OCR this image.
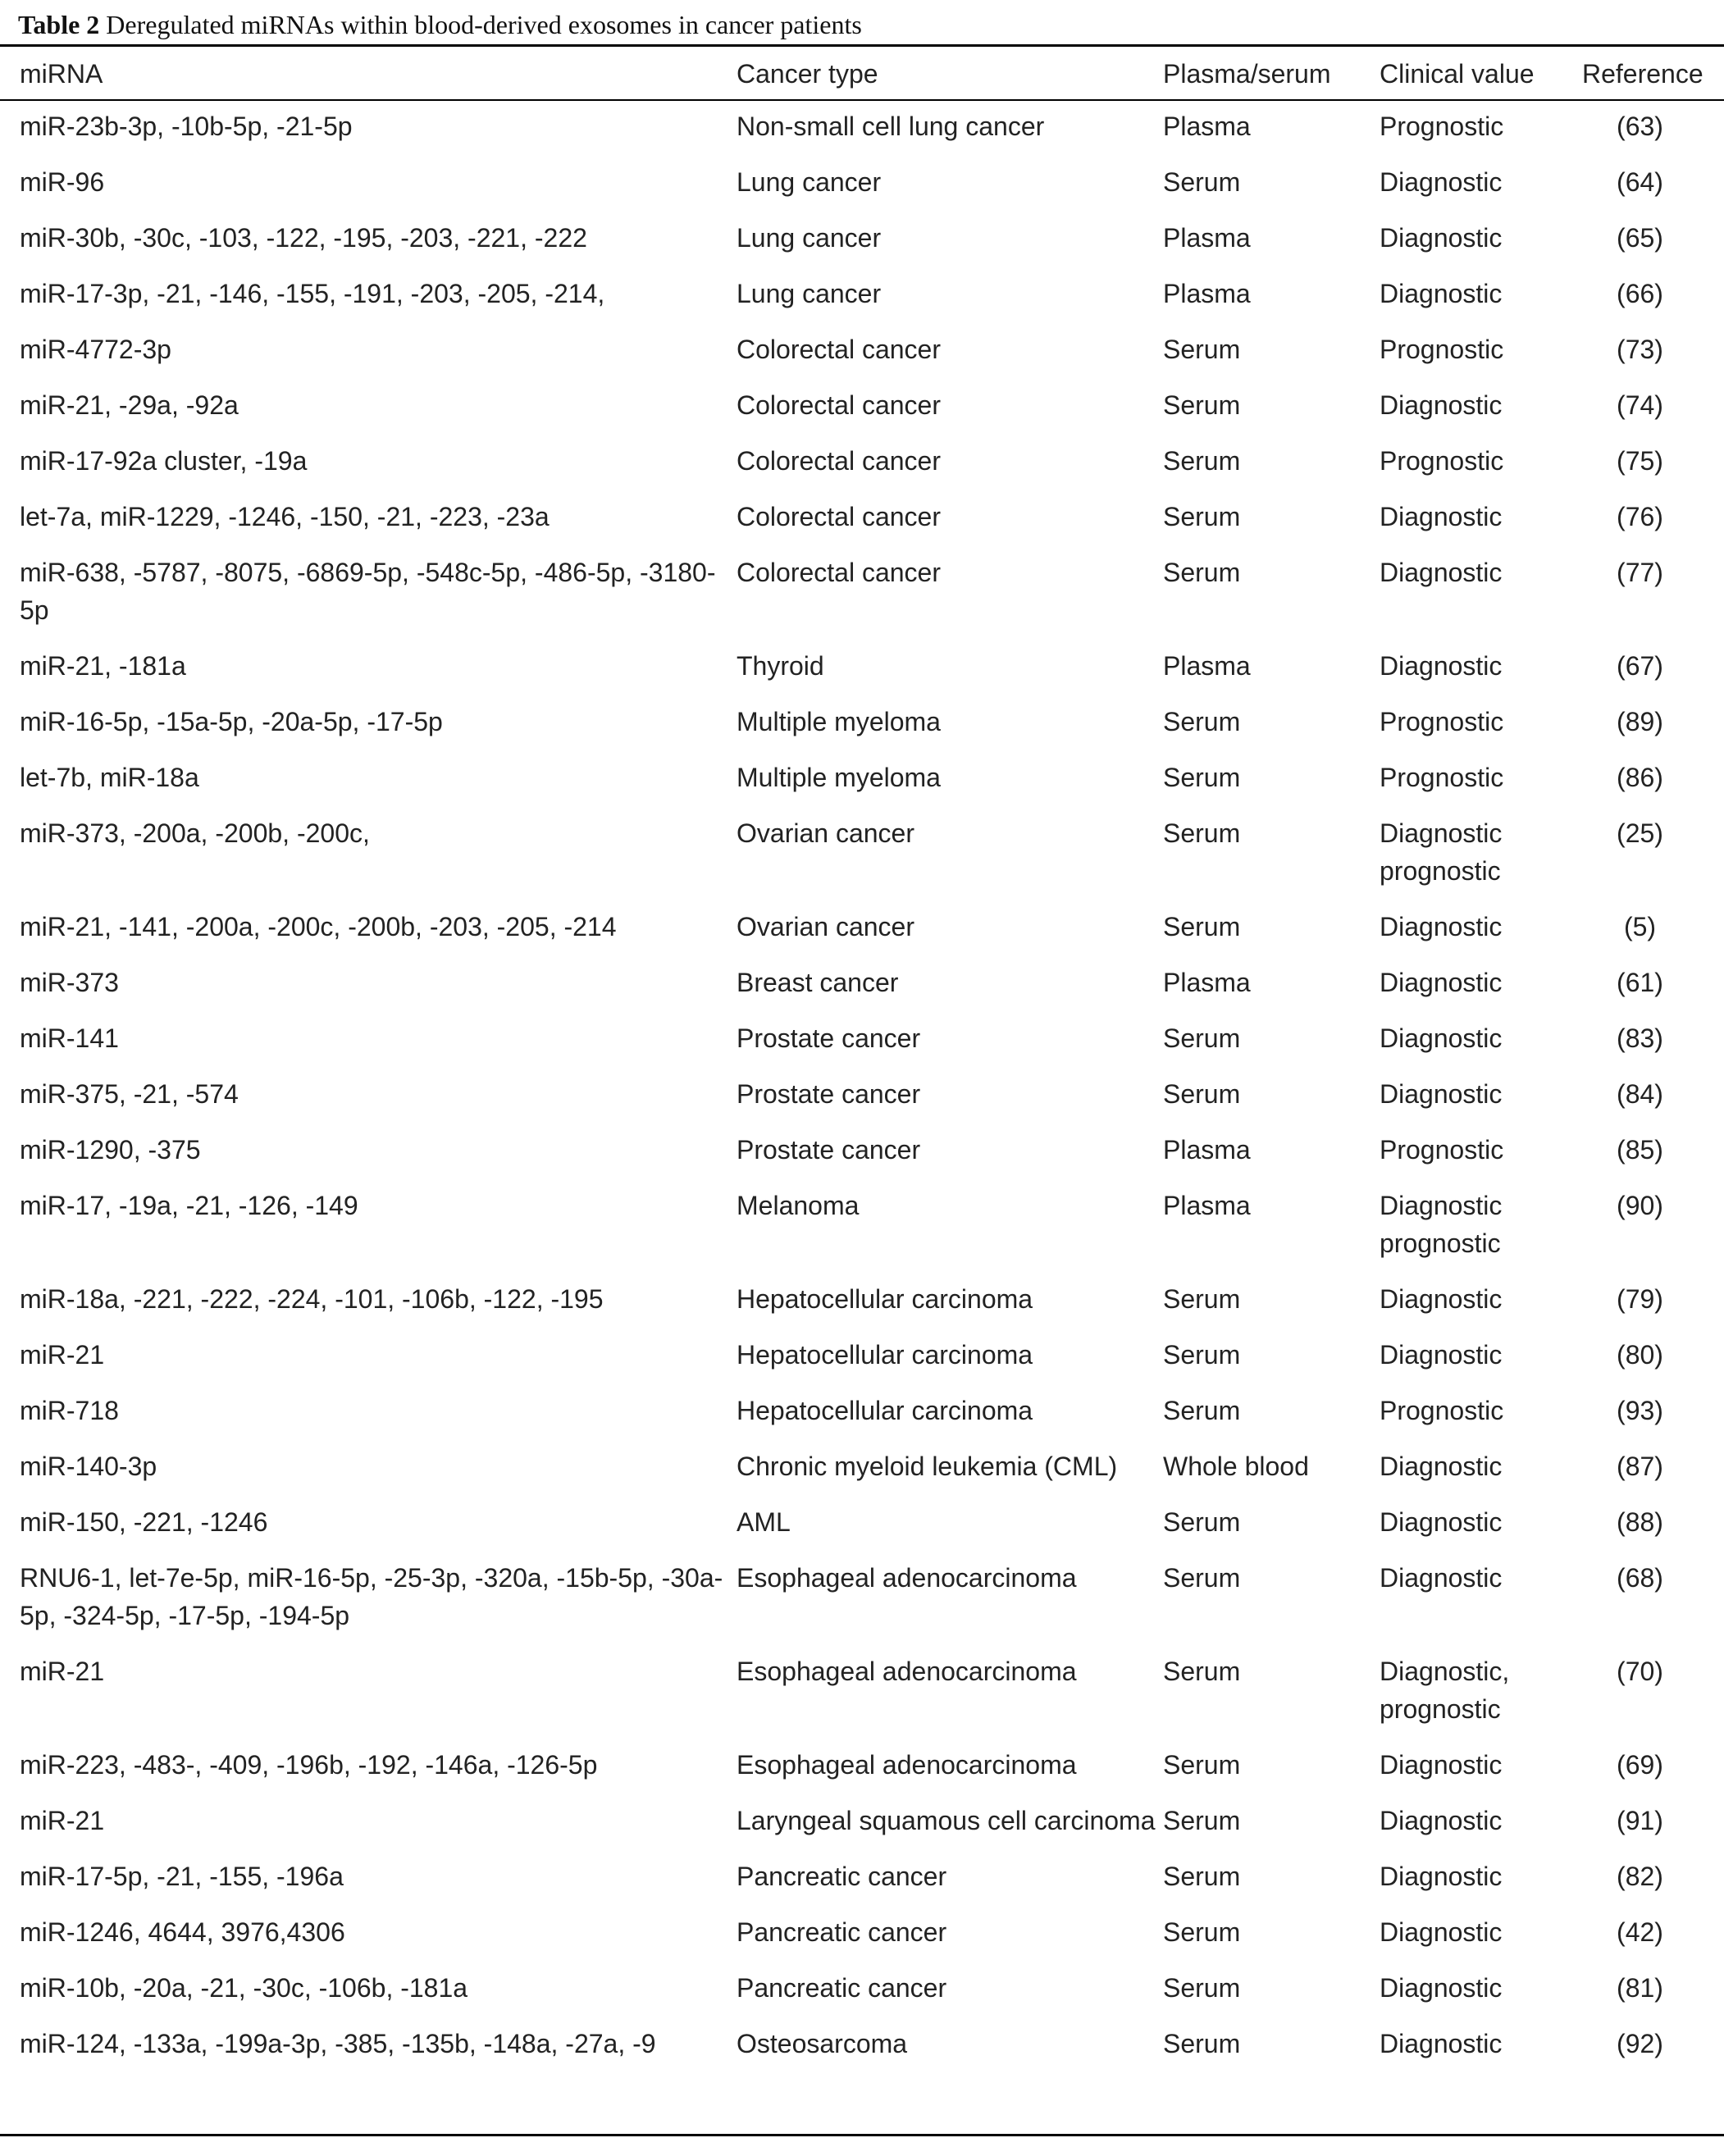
Table 2 Deregulated miRNAs within blood-derived exosomes in cancer patients
miRNA	Cancer type	Plasma/serum	Clinical value	Reference
miR-23b-3p, -10b-5p, -21-5p	Non-small cell lung cancer	Plasma	Prognostic	(63)
miR-96	Lung cancer	Serum	Diagnostic	(64)
miR-30b, -30c, -103, -122, -195, -203, -221, -222	Lung cancer	Plasma	Diagnostic	(65)
miR-17-3p, -21, -146, -155, -191, -203, -205, -214,	Lung cancer	Plasma	Diagnostic	(66)
miR-4772-3p	Colorectal cancer	Serum	Prognostic	(73)
miR-21, -29a, -92a	Colorectal cancer	Serum	Diagnostic	(74)
miR-17-92a cluster, -19a	Colorectal cancer	Serum	Prognostic	(75)
let-7a, miR-1229, -1246, -150, -21, -223, -23a	Colorectal cancer	Serum	Diagnostic	(76)
miR-638, -5787, -8075, -6869-5p, -548c-5p, -486-5p, -3180-5p	Colorectal cancer	Serum	Diagnostic	(77)
miR-21, -181a	Thyroid	Plasma	Diagnostic	(67)
miR-16-5p, -15a-5p, -20a-5p, -17-5p	Multiple myeloma	Serum	Prognostic	(89)
let-7b, miR-18a	Multiple myeloma	Serum	Prognostic	(86)
miR-373, -200a, -200b, -200c,	Ovarian cancer	Serum	Diagnostic prognostic	(25)
miR-21, -141, -200a, -200c, -200b, -203, -205, -214	Ovarian cancer	Serum	Diagnostic	(5)
miR-373	Breast cancer	Plasma	Diagnostic	(61)
miR-141	Prostate cancer	Serum	Diagnostic	(83)
miR-375, -21, -574	Prostate cancer	Serum	Diagnostic	(84)
miR-1290, -375	Prostate cancer	Plasma	Prognostic	(85)
miR-17, -19a, -21, -126, -149	Melanoma	Plasma	Diagnostic prognostic	(90)
miR-18a, -221, -222, -224, -101, -106b, -122, -195	Hepatocellular carcinoma	Serum	Diagnostic	(79)
miR-21	Hepatocellular carcinoma	Serum	Diagnostic	(80)
miR-718	Hepatocellular carcinoma	Serum	Prognostic	(93)
miR-140-3p	Chronic myeloid leukemia (CML)	Whole blood	Diagnostic	(87)
miR-150, -221, -1246	AML	Serum	Diagnostic	(88)
RNU6-1, let-7e-5p, miR-16-5p, -25-3p, -320a, -15b-5p, -30a-5p, -324-5p, -17-5p, -194-5p	Esophageal adenocarcinoma	Serum	Diagnostic	(68)
miR-21	Esophageal adenocarcinoma	Serum	Diagnostic, prognostic	(70)
miR-223, -483-, -409, -196b, -192, -146a, -126-5p	Esophageal adenocarcinoma	Serum	Diagnostic	(69)
miR-21	Laryngeal squamous cell carcinoma	Serum	Diagnostic	(91)
miR-17-5p, -21, -155, -196a	Pancreatic cancer	Serum	Diagnostic	(82)
miR-1246, 4644, 3976,4306	Pancreatic cancer	Serum	Diagnostic	(42)
miR-10b, -20a, -21, -30c, -106b, -181a	Pancreatic cancer	Serum	Diagnostic	(81)
miR-124, -133a, -199a-3p, -385, -135b, -148a, -27a, -9	Osteosarcoma	Serum	Diagnostic	(92)
